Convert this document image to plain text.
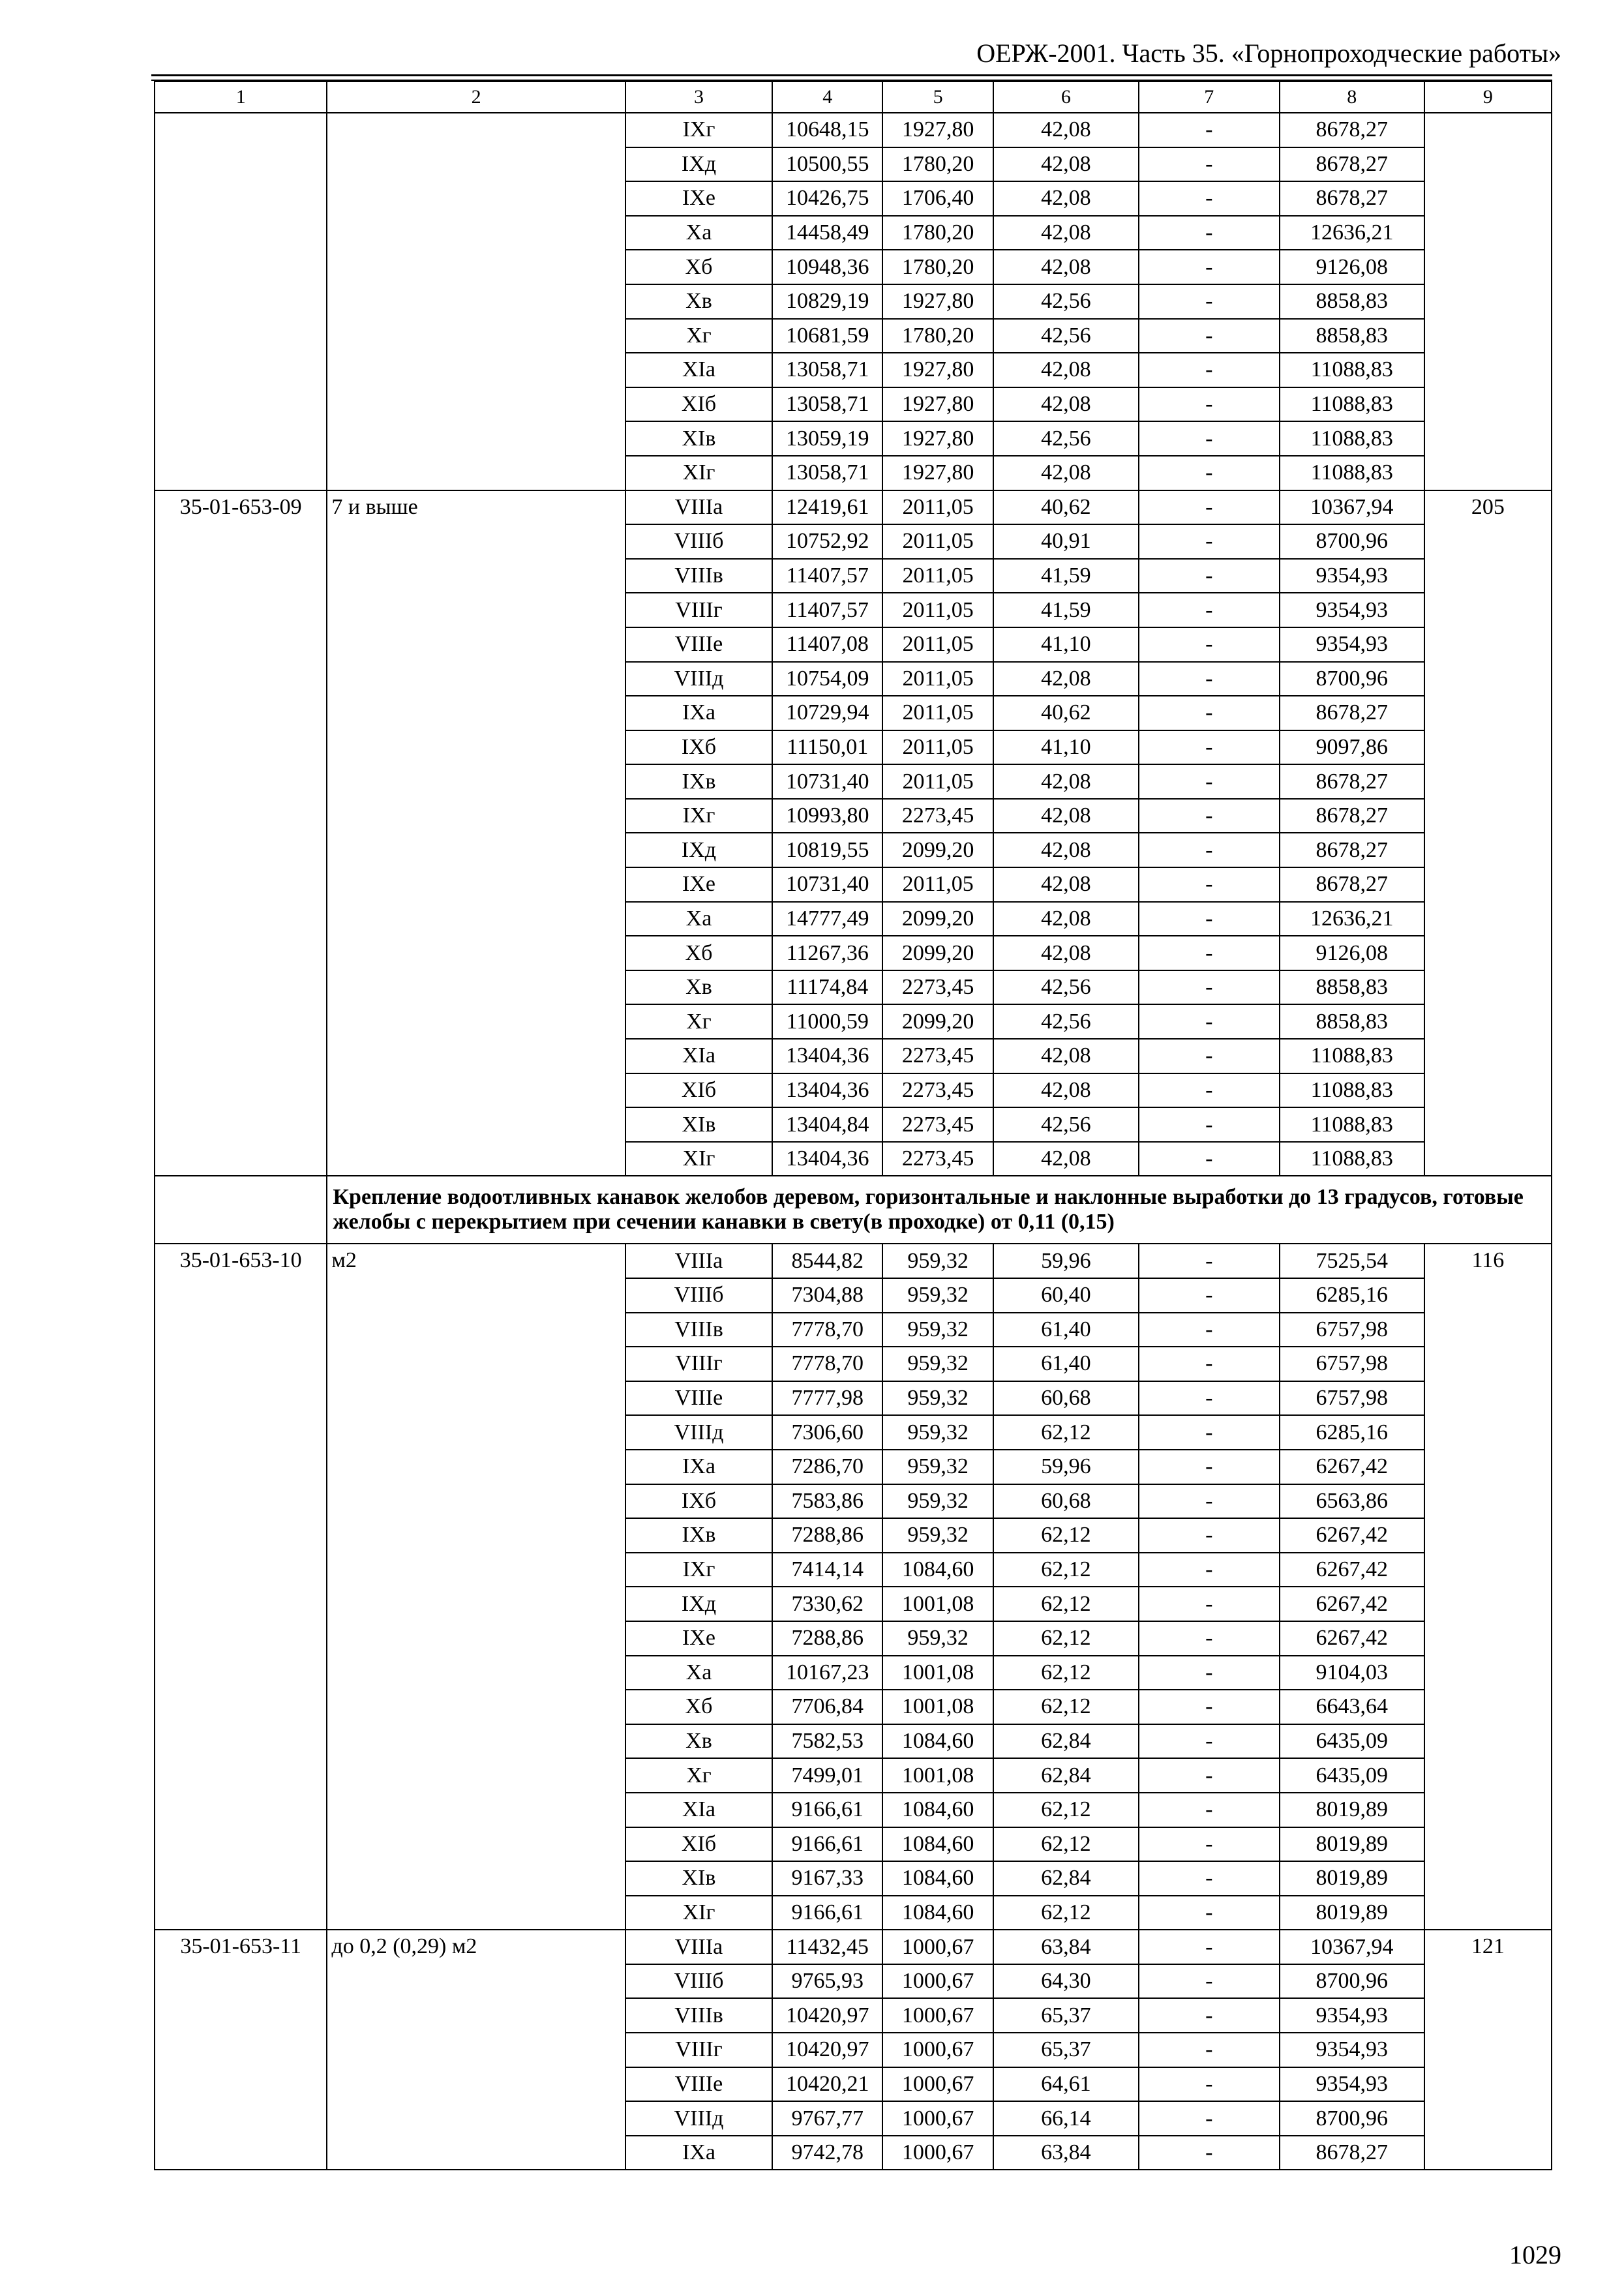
ОЕРЖ-2001. Часть 35. «Горнопроходческие работы»
1	2	3	4	5	6	7	8	9
		IXг	10648,15	1927,80	42,08	-	8678,27	
		IXд	10500,55	1780,20	42,08	-	8678,27	
		IXе	10426,75	1706,40	42,08	-	8678,27	
		Xа	14458,49	1780,20	42,08	-	12636,21	
		Xб	10948,36	1780,20	42,08	-	9126,08	
		Xв	10829,19	1927,80	42,56	-	8858,83	
		Xг	10681,59	1780,20	42,56	-	8858,83	
		XIа	13058,71	1927,80	42,08	-	11088,83	
		XIб	13058,71	1927,80	42,08	-	11088,83	
		XIв	13059,19	1927,80	42,56	-	11088,83	
		XIг	13058,71	1927,80	42,08	-	11088,83	
35-01-653-09	7 и выше	VIIIа	12419,61	2011,05	40,62	-	10367,94	205
		VIIIб	10752,92	2011,05	40,91	-	8700,96	
		VIIIв	11407,57	2011,05	41,59	-	9354,93	
		VIIIг	11407,57	2011,05	41,59	-	9354,93	
		VIIIе	11407,08	2011,05	41,10	-	9354,93	
		VIIIд	10754,09	2011,05	42,08	-	8700,96	
		IXа	10729,94	2011,05	40,62	-	8678,27	
		IXб	11150,01	2011,05	41,10	-	9097,86	
		IXв	10731,40	2011,05	42,08	-	8678,27	
		IXг	10993,80	2273,45	42,08	-	8678,27	
		IXд	10819,55	2099,20	42,08	-	8678,27	
		IXе	10731,40	2011,05	42,08	-	8678,27	
		Xа	14777,49	2099,20	42,08	-	12636,21	
		Xб	11267,36	2099,20	42,08	-	9126,08	
		Xв	11174,84	2273,45	42,56	-	8858,83	
		Xг	11000,59	2099,20	42,56	-	8858,83	
		XIа	13404,36	2273,45	42,08	-	11088,83	
		XIб	13404,36	2273,45	42,08	-	11088,83	
		XIв	13404,84	2273,45	42,56	-	11088,83	
		XIг	13404,36	2273,45	42,08	-	11088,83	
	Крепление водоотливных канавок желобов деревом, горизонтальные и наклонные выработки до 13 градусов, готовые желобы с перекрытием при сечении канавки в свету(в проходке) от 0,11 (0,15)							
35-01-653-10	м2	VIIIа	8544,82	959,32	59,96	-	7525,54	116
		VIIIб	7304,88	959,32	60,40	-	6285,16	
		VIIIв	7778,70	959,32	61,40	-	6757,98	
		VIIIг	7778,70	959,32	61,40	-	6757,98	
		VIIIе	7777,98	959,32	60,68	-	6757,98	
		VIIIд	7306,60	959,32	62,12	-	6285,16	
		IXа	7286,70	959,32	59,96	-	6267,42	
		IXб	7583,86	959,32	60,68	-	6563,86	
		IXв	7288,86	959,32	62,12	-	6267,42	
		IXг	7414,14	1084,60	62,12	-	6267,42	
		IXд	7330,62	1001,08	62,12	-	6267,42	
		IXе	7288,86	959,32	62,12	-	6267,42	
		Xа	10167,23	1001,08	62,12	-	9104,03	
		Xб	7706,84	1001,08	62,12	-	6643,64	
		Xв	7582,53	1084,60	62,84	-	6435,09	
		Xг	7499,01	1001,08	62,84	-	6435,09	
		XIа	9166,61	1084,60	62,12	-	8019,89	
		XIб	9166,61	1084,60	62,12	-	8019,89	
		XIв	9167,33	1084,60	62,84	-	8019,89	
		XIг	9166,61	1084,60	62,12	-	8019,89	
35-01-653-11	до 0,2 (0,29) м2	VIIIа	11432,45	1000,67	63,84	-	10367,94	121
		VIIIб	9765,93	1000,67	64,30	-	8700,96	
		VIIIв	10420,97	1000,67	65,37	-	9354,93	
		VIIIг	10420,97	1000,67	65,37	-	9354,93	
		VIIIе	10420,21	1000,67	64,61	-	9354,93	
		VIIIд	9767,77	1000,67	66,14	-	8700,96	
		IXа	9742,78	1000,67	63,84	-	8678,27	
1029
